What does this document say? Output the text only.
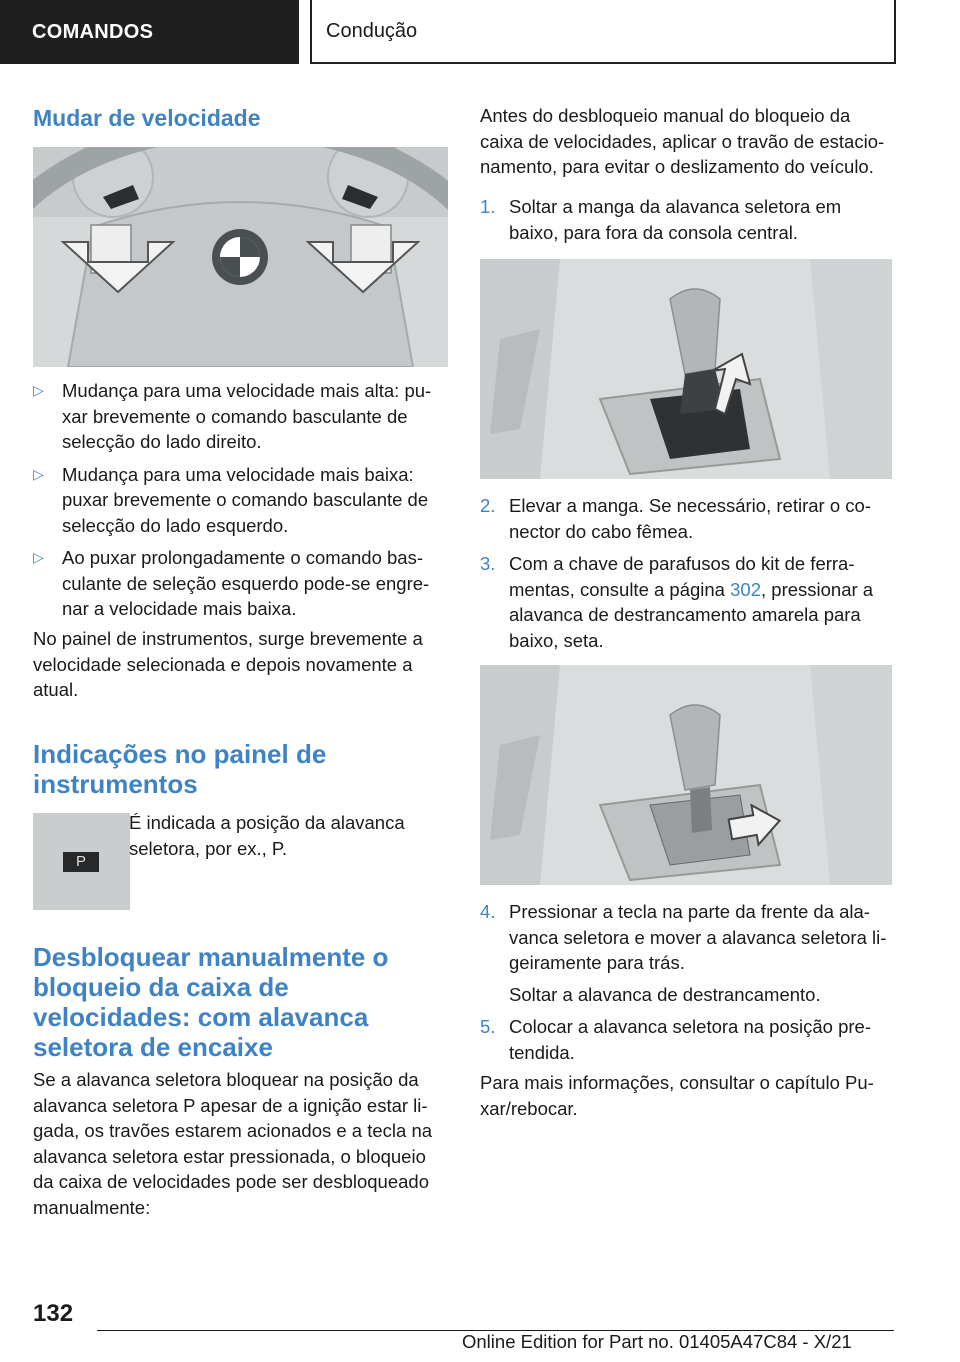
COMANDOS	Condução
Mudar de velocidade
▷ Mudança para uma velocidade mais alta: pu-xar brevemente o comando basculante de selecção do lado direito.
▷ Mudança para uma velocidade mais baixa: puxar brevemente o comando basculante de selecção do lado esquerdo.
▷ Ao puxar prolongadamente o comando bas-culante de seleção esquerdo pode-se engre-nar a velocidade mais baixa.

No painel de instrumentos, surge brevemente a velocidade selecionada e depois novamente a atual.

Indicações no painel de instrumentos
P

É indicada a posição da alavanca seletora, por ex., P.

Desbloquear manualmente o bloqueio da caixa de velocidades: com alavanca seletora de encaixe

Se a alavanca seletora bloquear na posição da alavanca seletora P apesar de a ignição estar li-gada, os travões estarem acionados e a tecla na alavanca seletora estar pressionada, o bloqueio da caixa de velocidades pode ser desbloqueado manualmente:

Antes do desbloqueio manual do bloqueio da caixa de velocidades, aplicar o travão de estacio-namento, para evitar o deslizamento do veículo.

1. Soltar a manga da alavanca seletora em baixo, para fora da consola central.
2. Elevar a manga. Se necessário, retirar o co-nector do cabo fêmea.
3. Com a chave de parafusos do kit de ferra-mentas, consulte a página 302, pressionar a alavanca de destrancamento amarela para baixo, seta.
4. Pressionar a tecla na parte da frente da ala-vanca seletora e mover a alavanca seletora li-geiramente para trás.
Soltar a alavanca de destrancamento.
5. Colocar a alavanca seletora na posição pre-tendida.

Para mais informações, consultar o capítulo Pu-xar/rebocar.

132
Online Edition for Part no. 01405A47C84 - X/21
